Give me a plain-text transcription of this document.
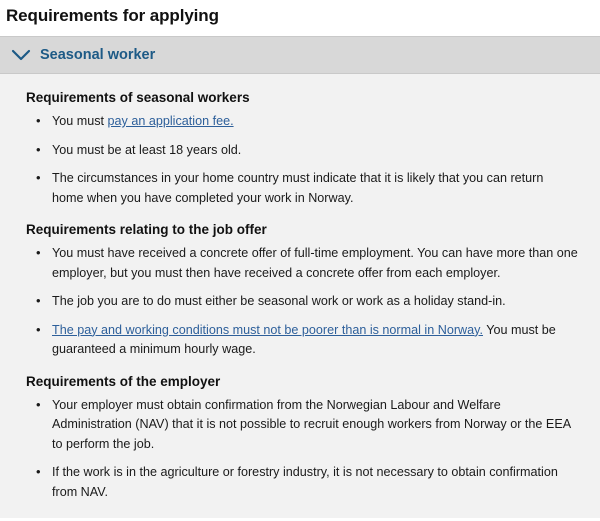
Requirements for applying
Seasonal worker
Requirements of seasonal workers
• You must pay an application fee.
• You must be at least 18 years old.
• The circumstances in your home country must indicate that it is likely that you can return home when you have completed your work in Norway.
Requirements relating to the job offer
• You must have received a concrete offer of full-time employment. You can have more than one employer, but you must then have received a concrete offer from each employer.
• The job you are to do must either be seasonal work or work as a holiday stand-in.
• The pay and working conditions must not be poorer than is normal in Norway. You must be guaranteed a minimum hourly wage.
Requirements of the employer
• Your employer must obtain confirmation from the Norwegian Labour and Welfare Administration (NAV) that it is not possible to recruit enough workers from Norway or the EEA to perform the job.
• If the work is in the agriculture or forestry industry, it is not necessary to obtain confirmation from NAV.
